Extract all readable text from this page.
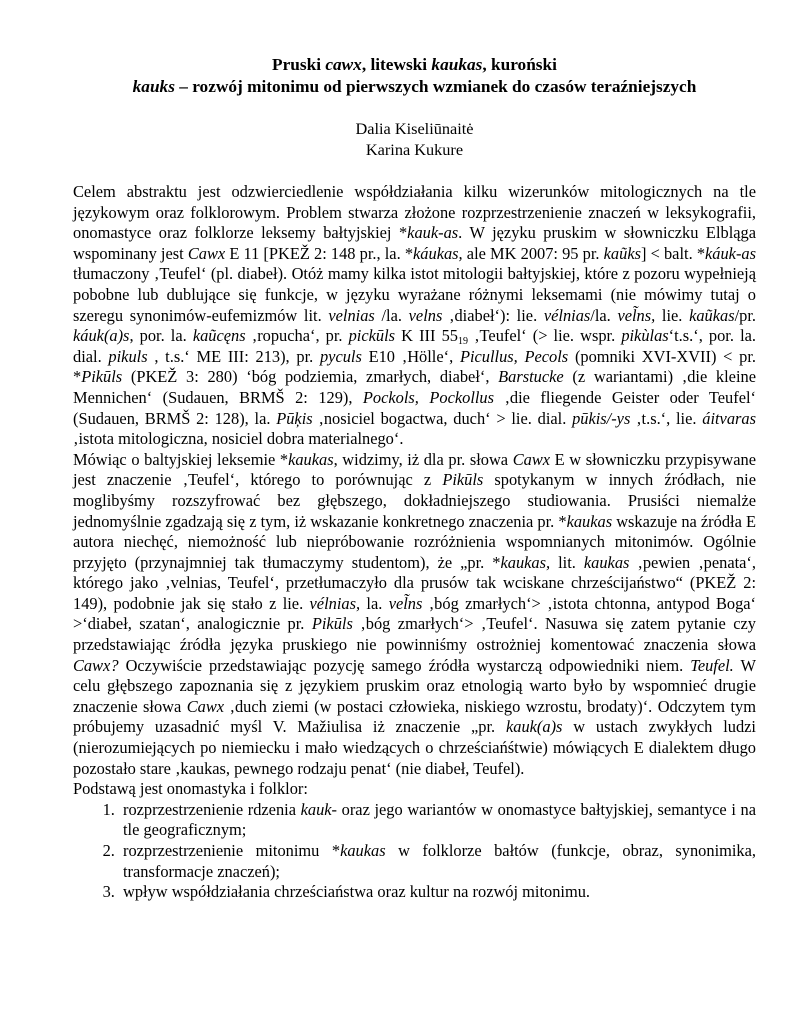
Pruski cawx, litewski kaukas, kuroński
kauks – rozwój mitonimu od pierwszych wzmianek do czasów teraźniejszych
Dalia Kiseliūnaitė
Karina Kukure

Celem abstraktu jest odzwierciedlenie współdziałania kilku wizerunków mitologicznych na tle językowym oraz folklorowym. Problem stwarza złożone rozprzestrzenienie znaczeń w leksykografii, onomastyce oraz folklorze leksemy bałtyjskiej *kauk-as. W języku pruskim w słowniczku Elbląga wspominany jest Cawx E 11 [PKEŽ 2: 148 pr., la. *káukas, ale MK 2007: 95 pr. kaũks] < balt. *káuk-as tłumaczony ‚Teufel‘ (pl. diabeł). Otóż mamy kilka istot mitologii bałtyjskiej, które z pozoru wypełnieją pobobne lub dublujące się funkcje, w języku wyrażane różnymi leksemami (nie mówimy tutaj o szeregu synonimów-eufemizmów lit. velnias /la. velns ‚diabeł‘): lie. vélnias/la. vel̃ns, lie. kaũkas/pr. káuk(a)s, por. la. kaũcęns ‚ropucha‘, pr. pickūls K III $55_{19}$ ‚Teufel‘ (> lie. wspr. pikùlas‘t.s.‘, por. la. dial. pikuls , t.s.‘ ME III: 213), pr. pyculs E10 ‚Hölle‘, Picullus, Pecols (pomniki XVI-XVII) < pr. *Pikūls (PKEŽ 3: 280) ‘bóg podziemia, zmarłych, diabeł‘, Barstucke (z wariantami) ‚die kleine Mennichen‘ (Sudauen, BRMŠ 2: 129), Pockols, Pockollus ‚die fliegende Geister oder Teufel‘ (Sudauen, BRMŠ 2: 128), la. Pūķis ‚nosiciel bogactwa, duch‘ > lie. dial. pūkis/-ys ‚t.s.‘, lie. áitvaras ‚istota mitologiczna, nosiciel dobra materialnego‘.

Mówiąc o baltyjskiej leksemie *kaukas, widzimy, iż dla pr. słowa Cawx E w słowniczku przypisywane jest znaczenie ‚Teufel‘, którego to porównując z Pikūls spotykanym w innych źródłach, nie moglibyśmy rozszyfrować bez głębszego, dokładniejszego studiowania. Prusiści niemalże jednomyślnie zgadzają się z tym, iż wskazanie konkretnego znaczenia pr. *kaukas wskazuje na źródła E autora niechęć, niemożność lub niepróbowanie rozróżnienia wspomnianych mitonimów. Ogólnie przyjęto (przynajmniej tak tłumaczymy studentom), że „pr. *kaukas, lit. kaukas ‚pewien ‚penata‘, którego jako ‚velnias, Teufel‘, przetłumaczyło dla prusów tak wciskane chrześcijaństwo“ (PKEŽ 2: 149), podobnie jak się stało z lie. vélnias, la. vel̃ns ‚bóg zmarłych‘> ‚istota chtonna, antypod Boga‘ >‘diabeł, szatan‘, analogicznie pr. Pikūls ‚bóg zmarłych‘> ‚Teufel‘. Nasuwa się zatem pytanie czy przedstawiając źródła języka pruskiego nie powinniśmy ostrożniej komentować znaczenia słowa Cawx? Oczywiście przedstawiając pozycję samego źródła wystarczą odpowiedniki niem. Teufel. W celu głębszego zapoznania się z językiem pruskim oraz etnologią warto było by wspomnieć drugie znaczenie słowa Cawx ‚duch ziemi (w postaci człowieka, niskiego wzrostu, brodaty)‘. Odczytem tym próbujemy uzasadnić myśl V. Mažiulisa iż znaczenie „pr. kauk(a)s w ustach zwykłych ludzi (nierozumiejących po niemiecku i mało wiedzących o chrześciańśtwie) mówiących E dialektem długo pozostało stare ‚kaukas, pewnego rodzaju penat‘ (nie diabeł, Teufel).

Podstawą jest onomastyka i folklor:

1. rozprzestrzenienie rdzenia kauk- oraz jego wariantów w onomastyce bałtyjskiej, semantyce i na tle geograficznym;
2. rozprzestrzenienie mitonimu *kaukas w folklorze bałtów (funkcje, obraz, synonimika, transformacje znaczeń);
3. wpływ współdziałania chrześciaństwa oraz kultur na rozwój mitonimu.
